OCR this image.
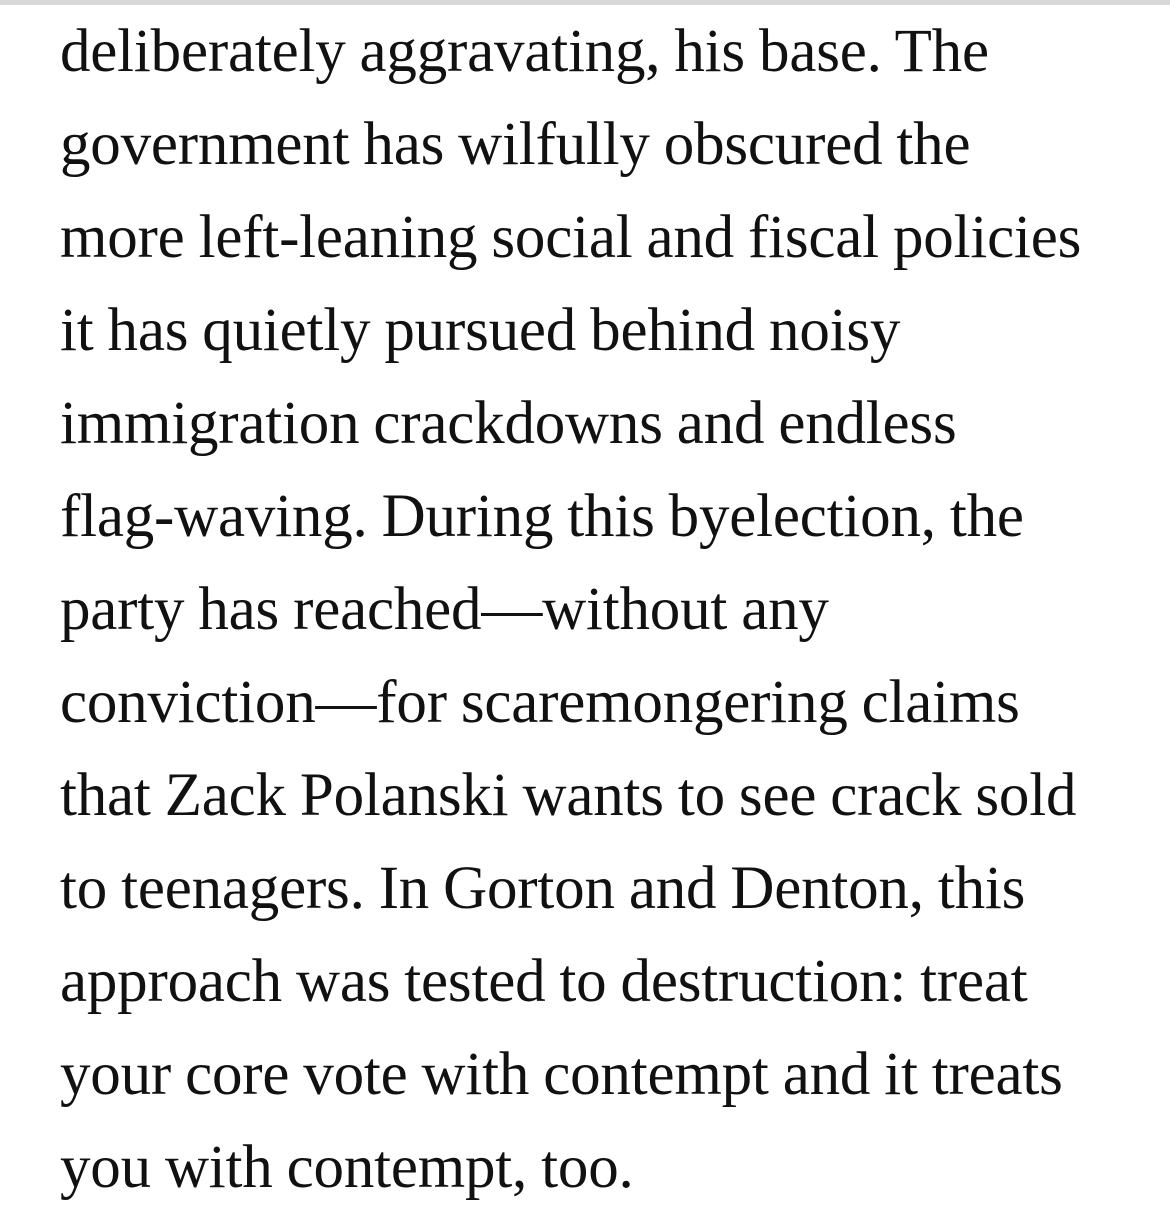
deliberately aggravating, his base. The government has wilfully obscured the more left-leaning social and fiscal policies it has quietly pursued behind noisy immigration crackdowns and endless flag-waving. During this byelection, the party has reached—without any conviction—for scaremongering claims that Zack Polanski wants to see crack sold to teenagers. In Gorton and Denton, this approach was tested to destruction: treat your core vote with contempt and it treats you with contempt, too.
